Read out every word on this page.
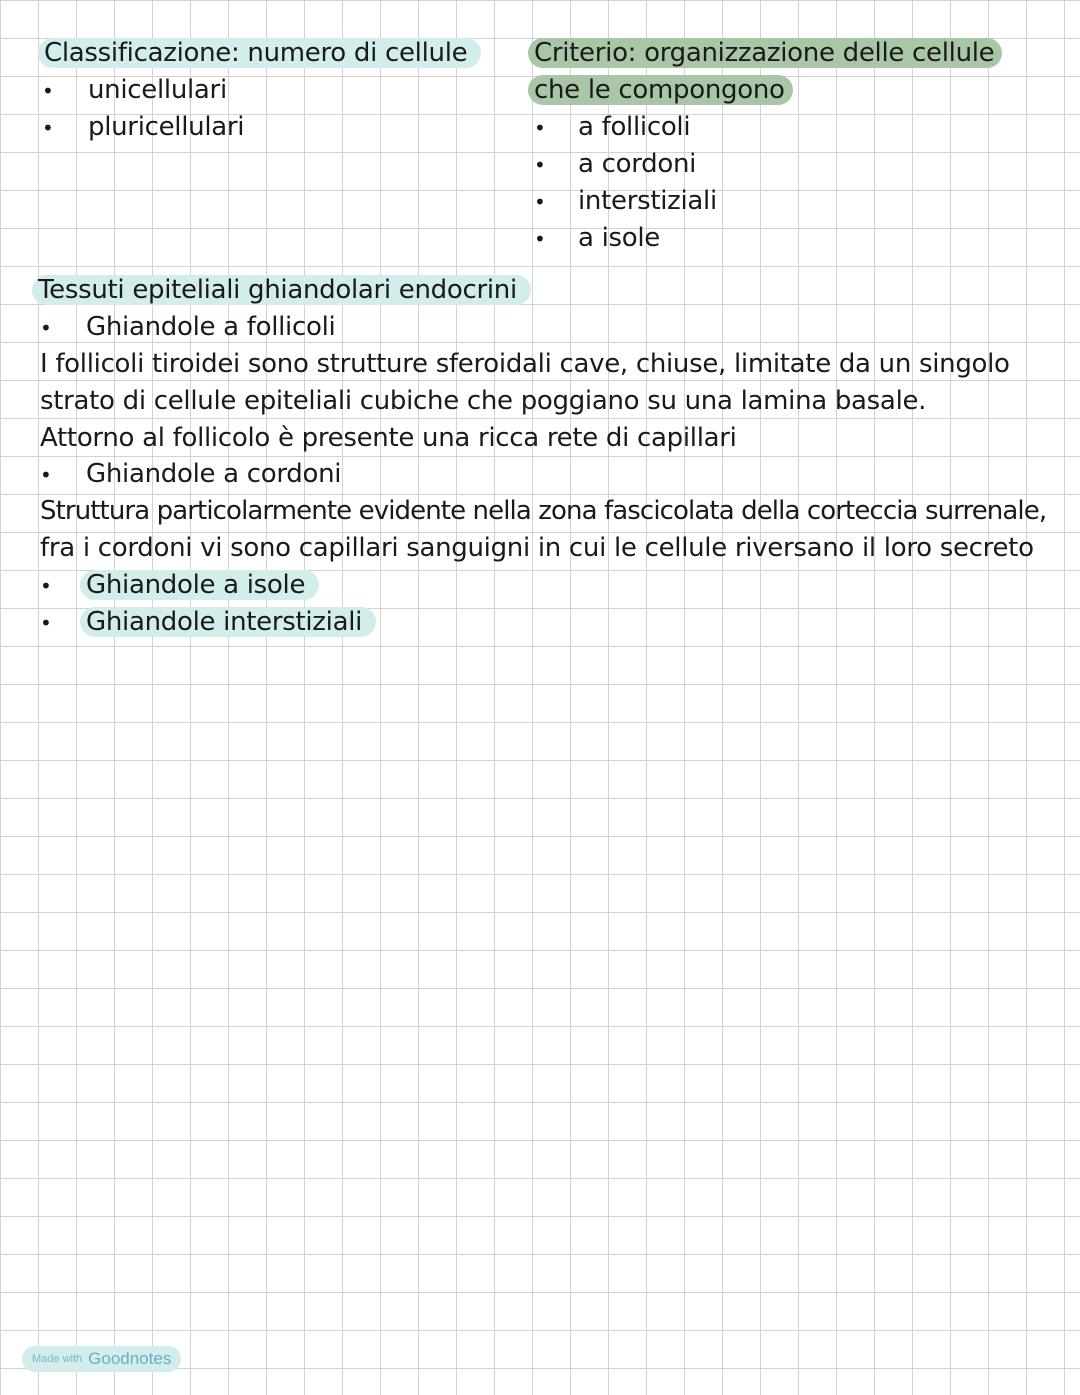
Classificazione: numero di cellule
• unicellulari
• pluricellulari
Criterio: organizzazione delle cellule
che le compongono
• a follicoli
• a cordoni
• interstiziali
• a isole
Tessuti epiteliali ghiandolari endocrini
• Ghiandole a follicoli
I follicoli tiroidei sono strutture sferoidali cave, chiuse, limitate da un singolo
strato di cellule epiteliali cubiche che poggiano su una lamina basale.
Attorno al follicolo è presente una ricca rete di capillari
• Ghiandole a cordoni
Struttura particolarmente evidente nella zona fascicolata della corteccia surrenale,
fra i cordoni vi sono capillari sanguigni in cui le cellule riversano il loro secreto
• Ghiandole a isole
• Ghiandole interstiziali
Made with Goodnotes
